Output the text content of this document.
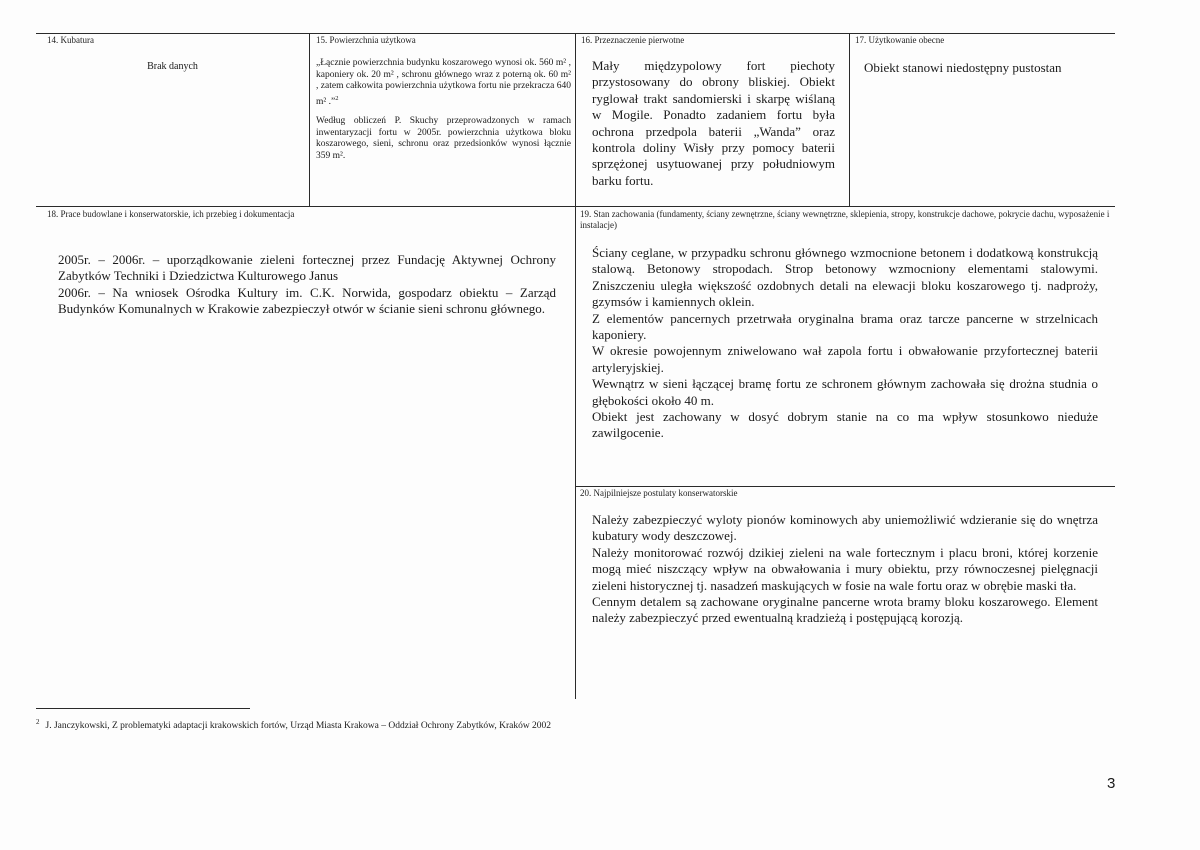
14. Kubatura
Brak danych
15. Powierzchnia użytkowa

„Łącznie powierzchnia budynku koszarowego wynosi ok. 560 m² , kaponiery ok. 20 m² , schronu głównego wraz z poterną ok. 60 m² , zatem całkowita powierzchnia użytkowa fortu nie przekracza 640 m² .”$^2$

Według obliczeń P. Skuchy przeprowadzonych w ramach inwentaryzacji fortu w 2005r. powierzchnia użytkowa bloku koszarowego, sieni, schronu oraz przedsionków wynosi łącznie 359 m².

16. Przeznaczenie pierwotne
Mały międzypolowy fort piechoty przystosowany do obrony bliskiej. Obiekt ryglował trakt sandomierski i skarpę wiślaną w Mogile. Ponadto zadaniem fortu była ochrona przedpola baterii „Wanda” oraz kontrola doliny Wisły przy pomocy baterii sprzężonej usytuowanej przy południowym barku fortu.
17. Użytkowanie obecne
Obiekt stanowi niedostępny pustostan
18. Prace budowlane i konserwatorskie, ich przebieg i dokumentacja

2005r. – 2006r. – uporządkowanie zieleni fortecznej przez Fundację Aktywnej Ochrony Zabytków Techniki i Dziedzictwa Kulturowego Janus

2006r. – Na wniosek Ośrodka Kultury im. C.K. Norwida, gospodarz obiektu – Zarząd Budynków Komunalnych w Krakowie zabezpieczył otwór w ścianie sieni schronu głównego.

19. Stan zachowania (fundamenty, ściany zewnętrzne, ściany wewnętrzne, sklepienia, stropy, konstrukcje dachowe, pokrycie dachu, wyposażenie i instalacje)

Ściany ceglane, w przypadku schronu głównego wzmocnione betonem i dodatkową konstrukcją stalową. Betonowy stropodach. Strop betonowy wzmocniony elementami stalowymi. Zniszczeniu uległa większość ozdobnych detali na elewacji bloku koszarowego tj. nadproży, gzymsów i kamiennych oklein.

Z elementów pancernych przetrwała oryginalna brama oraz tarcze pancerne w strzelnicach kaponiery.

W okresie powojennym zniwelowano wał zapola fortu i obwałowanie przyfortecznej baterii artyleryjskiej.

Wewnątrz w sieni łączącej bramę fortu ze schronem głównym zachowała się drożna studnia o głębokości około 40 m.

Obiekt jest zachowany w dosyć dobrym stanie na co ma wpływ stosunkowo nieduże zawilgocenie.

20. Najpilniejsze postulaty konserwatorskie

Należy zabezpieczyć wyloty pionów kominowych aby uniemożliwić wdzieranie się do wnętrza kubatury wody deszczowej.

Należy monitorować rozwój dzikiej zieleni na wale fortecznym i placu broni, której korzenie mogą mieć niszczący wpływ na obwałowania i mury obiektu, przy równoczesnej pielęgnacji zieleni historycznej tj. nasadzeń maskujących w fosie na wale fortu oraz w obrębie maski tła.

Cennym detalem są zachowane oryginalne pancerne wrota bramy bloku koszarowego. Element należy zabezpieczyć przed ewentualną kradzieżą i postępującą korozją.

$^2$ J. Janczykowski, Z problematyki adaptacji krakowskich fortów, Urząd Miasta Krakowa – Oddział Ochrony Zabytków, Kraków 2002
3
